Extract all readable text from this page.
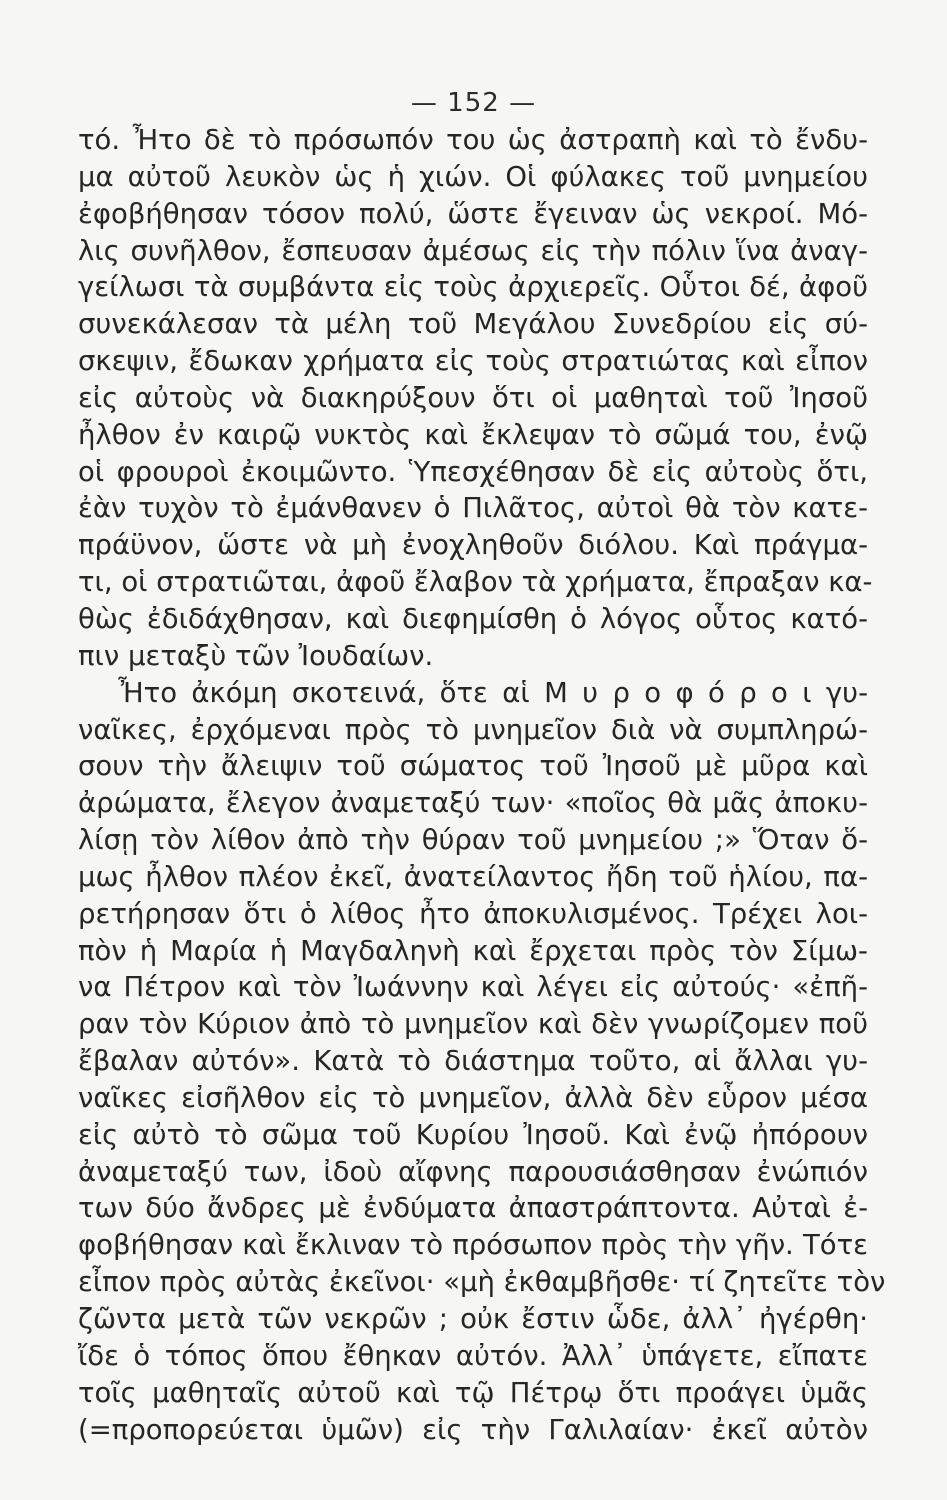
— 152 —
τό. Ἦτο δὲ τὸ πρόσωπόν του ὡς ἀστραπὴ καὶ τὸ ἔνδυ-
μα αὐτοῦ λευκὸν ὡς ἡ χιών. Οἱ φύλακες τοῦ μνημείου
ἐφοβήθησαν τόσον πολύ, ὥστε ἔγειναν ὡς νεκροί. Μό-
λις συνῆλθον, ἔσπευσαν ἀμέσως εἰς τὴν πόλιν ἵνα ἀναγ-
γείλωσι τὰ συμβάντα εἰς τοὺς ἀρχιερεῖς. Οὗτοι δέ, ἀφοῦ
συνεκάλεσαν τὰ μέλη τοῦ Μεγάλου Συνεδρίου εἰς σύ-
σκεψιν, ἔδωκαν χρήματα εἰς τοὺς στρατιώτας καὶ εἶπον
εἰς αὐτοὺς νὰ διακηρύξουν ὅτι οἱ μαθηταὶ τοῦ Ἰησοῦ
ἦλθον ἐν καιρῷ νυκτὸς καὶ ἔκλεψαν τὸ σῶμά του, ἐνῷ
οἱ φρουροὶ ἐκοιμῶντο. Ὑπεσχέθησαν δὲ εἰς αὐτοὺς ὅτι,
ἐὰν τυχὸν τὸ ἐμάνθανεν ὁ Πιλᾶτος, αὐτοὶ θὰ τὸν κατε-
πράϋνον, ὥστε νὰ μὴ ἐνοχληθοῦν διόλου. Καὶ πράγμα-
τι, οἱ στρατιῶται, ἀφοῦ ἔλαβον τὰ χρήματα, ἔπραξαν κα-
θὼς ἐδιδάχθησαν, καὶ διεφημίσθη ὁ λόγος οὗτος κατό-
πιν μεταξὺ τῶν Ἰουδαίων.
Ἦτο ἀκόμη σκοτεινά, ὅτε αἱ Μ υ ρ ο φ ό ρ ο ι γυ-
ναῖκες, ἐρχόμεναι πρὸς τὸ μνημεῖον διὰ νὰ συμπληρώ-
σουν τὴν ἄλειψιν τοῦ σώματος τοῦ Ἰησοῦ μὲ μῦρα καὶ
ἀρώματα, ἔλεγον ἀναμεταξύ των· «ποῖος θὰ μᾶς ἀποκυ-
λίσῃ τὸν λίθον ἀπὸ τὴν θύραν τοῦ μνημείου ;» Ὅταν ὅ-
μως ἦλθον πλέον ἐκεῖ, ἀνατείλαντος ἤδη τοῦ ἡλίου, πα-
ρετήρησαν ὅτι ὁ λίθος ἦτο ἀποκυλισμένος. Τρέχει λοι-
πὸν ἡ Μαρία ἡ Μαγδαληνὴ καὶ ἔρχεται πρὸς τὸν Σίμω-
να Πέτρον καὶ τὸν Ἰωάννην καὶ λέγει εἰς αὐτούς· «ἐπῆ-
ραν τὸν Κύριον ἀπὸ τὸ μνημεῖον καὶ δὲν γνωρίζομεν ποῦ
ἔβαλαν αὐτόν». Κατὰ τὸ διάστημα τοῦτο, αἱ ἄλλαι γυ-
ναῖκες εἰσῆλθον εἰς τὸ μνημεῖον, ἀλλὰ δὲν εὗρον μέσα
εἰς αὐτὸ τὸ σῶμα τοῦ Κυρίου Ἰησοῦ. Καὶ ἐνῷ ἠπόρουν
ἀναμεταξύ των, ἰδοὺ αἴφνης παρουσιάσθησαν ἐνώπιόν
των δύο ἄνδρες μὲ ἐνδύματα ἀπαστράπτοντα. Αὐταὶ ἐ-
φοβήθησαν καὶ ἔκλιναν τὸ πρόσωπον πρὸς τὴν γῆν. Τότε
εἶπον πρὸς αὐτὰς ἐκεῖνοι· «μὴ ἐκθαμβῆσθε· τί ζητεῖτε τὸν
ζῶντα μετὰ τῶν νεκρῶν ; οὐκ ἔστιν ὧδε, ἀλλ᾽ ἠγέρθη·
ἴδε ὁ τόπος ὅπου ἔθηκαν αὐτόν. Ἀλλ᾽ ὑπάγετε, εἴπατε
τοῖς μαθηταῖς αὐτοῦ καὶ τῷ Πέτρῳ ὅτι προάγει ὑμᾶς
(=προπορεύεται ὑμῶν) εἰς τὴν Γαλιλαίαν· ἐκεῖ αὐτὸν
